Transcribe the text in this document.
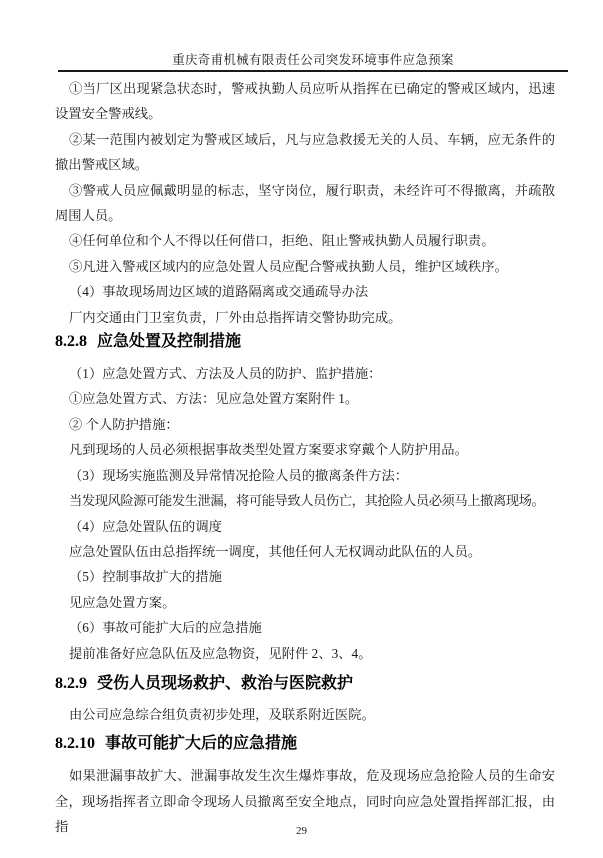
重庆奇甫机械有限责任公司突发环境事件应急预案

①当厂区出现紧急状态时，警戒执勤人员应听从指挥在已确定的警戒区域内，迅速设置安全警戒线。

②某一范围内被划定为警戒区域后，凡与应急救援无关的人员、车辆，应无条件的撤出警戒区域。

③警戒人员应佩戴明显的标志，坚守岗位，履行职责，未经许可不得撤离，并疏散周围人员。

④任何单位和个人不得以任何借口，拒绝、阻止警戒执勤人员履行职责。

⑤凡进入警戒区域内的应急处置人员应配合警戒执勤人员，维护区域秩序。

（4）事故现场周边区域的道路隔离或交通疏导办法

厂内交通由门卫室负责，厂外由总指挥请交警协助完成。

8.2.8 应急处置及控制措施

（1）应急处置方式、方法及人员的防护、监护措施：

①应急处置方式、方法：见应急处置方案附件 1。

② 个人防护措施：

凡到现场的人员必须根据事故类型处置方案要求穿戴个人防护用品。

（3）现场实施监测及异常情况抢险人员的撤离条件方法：

当发现风险源可能发生泄漏，将可能导致人员伤亡，其抢险人员必须马上撤离现场。

（4）应急处置队伍的调度

应急处置队伍由总指挥统一调度，其他任何人无权调动此队伍的人员。

（5）控制事故扩大的措施

见应急处置方案。

（6）事故可能扩大后的应急措施

提前准备好应急队伍及应急物资，见附件 2、3、4。

8.2.9 受伤人员现场救护、救治与医院救护

由公司应急综合组负责初步处理，及联系附近医院。

8.2.10 事故可能扩大后的应急措施

如果泄漏事故扩大、泄漏事故发生次生爆炸事故，危及现场应急抢险人员的生命安全，现场指挥者立即命令现场人员撤离至安全地点，同时向应急处置指挥部汇报，由指	29
